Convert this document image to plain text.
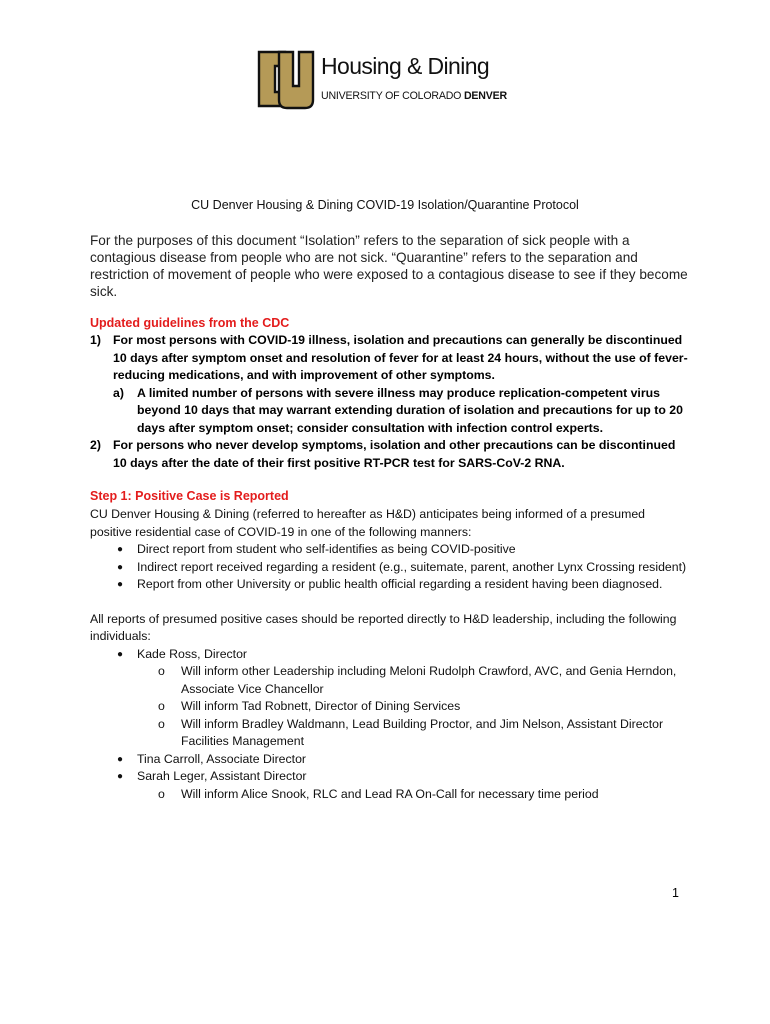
Housing & Dining
UNIVERSITY OF COLORADO DENVER
CU Denver Housing & Dining COVID-19 Isolation/Quarantine Protocol
For the purposes of this document “Isolation” refers to the separation of sick people with a contagious disease from people who are not sick. “Quarantine” refers to the separation and restriction of movement of people who were exposed to a contagious disease to see if they become sick.
Updated guidelines from the CDC
1) For most persons with COVID-19 illness, isolation and precautions can generally be discontinued 10 days after symptom onset and resolution of fever for at least 24 hours, without the use of fever-reducing medications, and with improvement of other symptoms.
a) A limited number of persons with severe illness may produce replication-competent virus beyond 10 days that may warrant extending duration of isolation and precautions for up to 20 days after symptom onset; consider consultation with infection control experts.
2) For persons who never develop symptoms, isolation and other precautions can be discontinued 10 days after the date of their first positive RT-PCR test for SARS-CoV-2 RNA.
Step 1: Positive Case is Reported
CU Denver Housing & Dining (referred to hereafter as H&D) anticipates being informed of a presumed positive residential case of COVID-19 in one of the following manners:
● Direct report from student who self-identifies as being COVID-positive
● Indirect report received regarding a resident (e.g., suitemate, parent, another Lynx Crossing resident)
● Report from other University or public health official regarding a resident having been diagnosed.
All reports of presumed positive cases should be reported directly to H&D leadership, including the following individuals:
● Kade Ross, Director
o Will inform other Leadership including Meloni Rudolph Crawford, AVC, and Genia Herndon, Associate Vice Chancellor
o Will inform Tad Robnett, Director of Dining Services
o Will inform Bradley Waldmann, Lead Building Proctor, and Jim Nelson, Assistant Director Facilities Management
● Tina Carroll, Associate Director
● Sarah Leger, Assistant Director
o Will inform Alice Snook, RLC and Lead RA On-Call for necessary time period
1
